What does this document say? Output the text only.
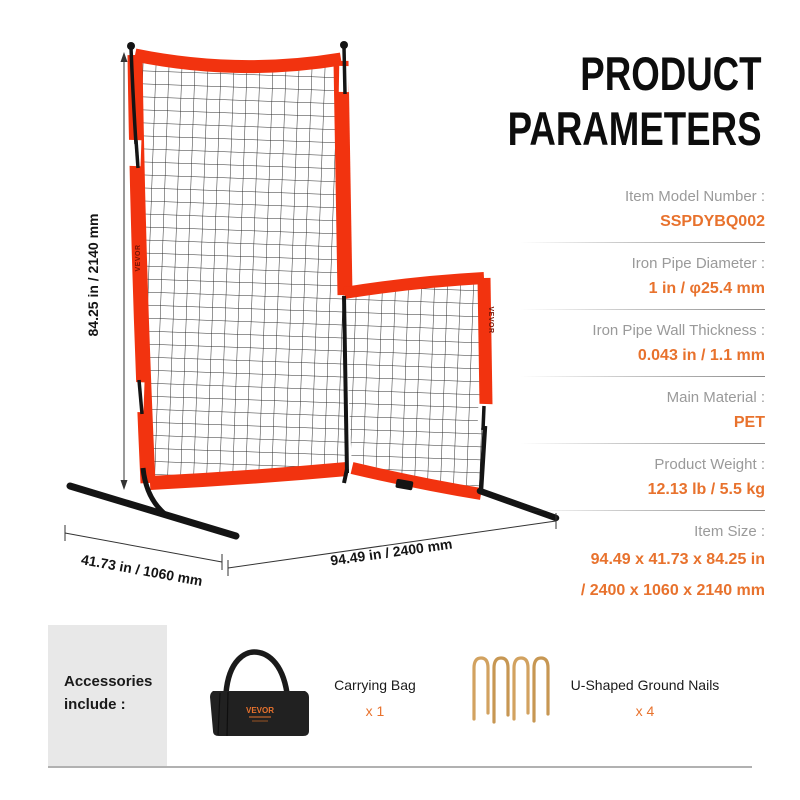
VEVOR
VEVOR
84.25 in / 2140 mm
41.73 in / 1060 mm	94.49 in / 2400 mm
PRODUCT
PARAMETERS
Item Model Number :
SSPDYBQ002
Iron Pipe Diameter :
1 in / φ25.4 mm
Iron Pipe Wall Thickness :
0.043 in / 1.1 mm
Main Material :
PET
Product Weight :
12.13 lb / 5.5 kg
Item Size :
94.49 x 41.73 x 84.25 in
/ 2400 x 1060 x 2140 mm
Accessories include :	VEVOR
Carrying Bag
x 1
U-Shaped Ground Nails
x 4
